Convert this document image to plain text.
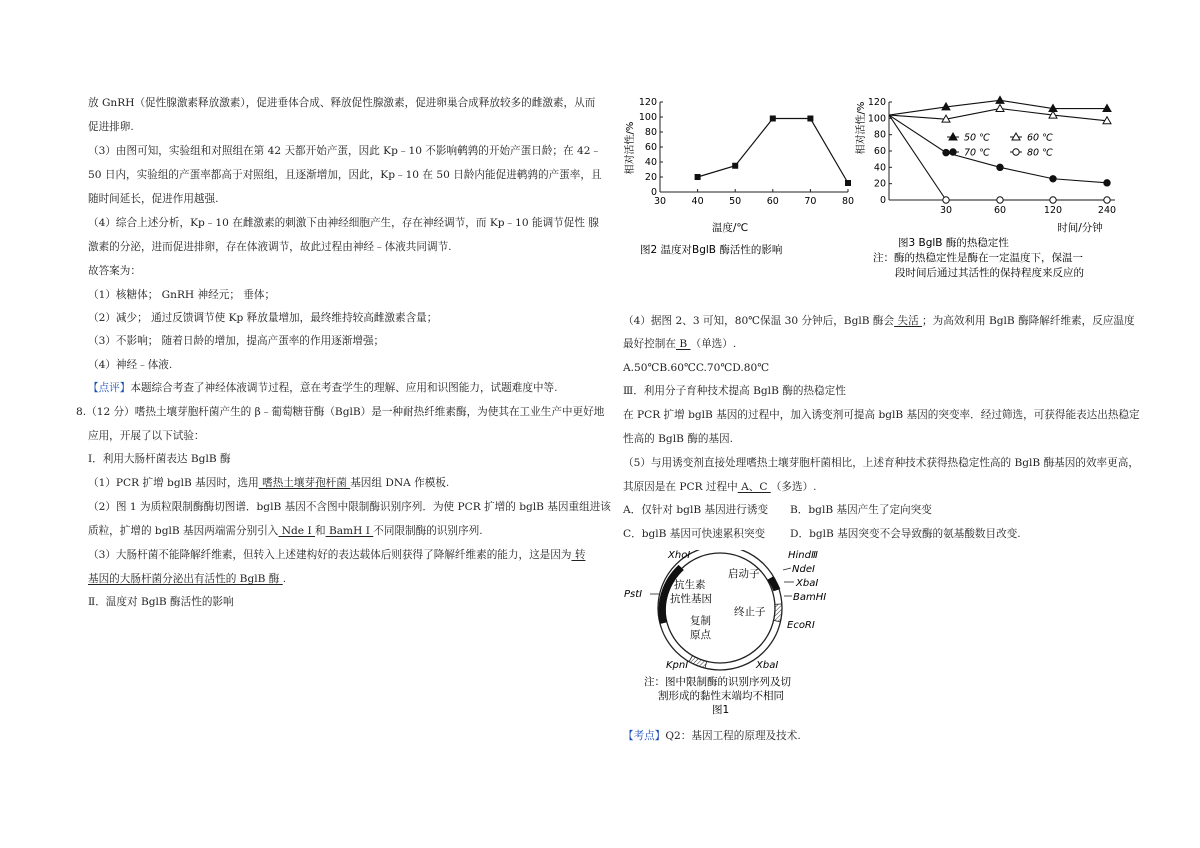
放 GnRH（促性腺激素释放激素），促进垂体合成、释放促性腺激素，促进卵巢合成释放较多的雌激素，从而
促进排卵.
（3）由图可知，实验组和对照组在第 42 天都开始产蛋，因此 Kp﹣10 不影响鹌鹑的开始产蛋日龄；在 42﹣
50 日内，实验组的产蛋率都高于对照组，且逐渐增加，因此，Kp﹣10 在 50 日龄内能促进鹌鹑的产蛋率，且
随时间延长，促进作用越强.
（4）综合上述分析，Kp﹣10 在雌激素的刺激下由神经细胞产生，存在神经调节，而 Kp﹣10 能调节促性 腺
激素的分泌，进而促进排卵，存在体液调节，故此过程由神经﹣体液共同调节.
故答案为：
（1）核糖体； GnRH 神经元； 垂体；
（2）减少； 通过反馈调节使 Kp 释放量增加，最终维持较高雌激素含量；
（3）不影响； 随着日龄的增加，提高产蛋率的作用逐渐增强；
（4）神经﹣体液.
【点评】本题综合考查了神经体液调节过程，意在考查学生的理解、应用和识图能力，试题难度中等.
8.（12 分）嗜热土壤芽胞杆菌产生的 β﹣葡萄糖苷酶（BglB）是一种耐热纤维素酶，为使其在工业生产中更好地
应用，开展了以下试验：
Ⅰ．利用大肠杆菌表达 BglB 酶
（1）PCR 扩增 bglB 基因时，选用 嗜热土壤芽孢杆菌 基因组 DNA 作模板.
（2）图 1 为质粒限制酶酶切图谱．bglB 基因不含图中限制酶识别序列．为使 PCR 扩增的 bglB 基因重组进该
质粒，扩增的 bglB 基因两端需分别引入 Nde Ⅰ 和 BamH Ⅰ 不同限制酶的识别序列.
（3）大肠杆菌不能降解纤维素，但转入上述建构好的表达载体后则获得了降解纤维素的能力，这是因为 转
基因的大肠杆菌分泌出有活性的 BglB 酶 .
Ⅱ．温度对 BglB 酶活性的影响
相对活性/%
120
100
80
60
40
20
0
30	40	50	60	70	80
温度/℃
图2 温度对BglB 酶活性的影响
相对活性/% 120
100
80
60
40
20
0
30	60	120	240
50 ℃	60 ℃
70 ℃	80 ℃
时间/分钟
图3 BglB 酶的热稳定性
注：酶的热稳定性是酶在一定温度下，保温一
段时间后通过其活性的保持程度来反应的
（4）据图 2、3 可知，80℃保温 30 分钟后，BglB 酶会 失活 ；为高效利用 BglB 酶降解纤维素，反应温度
最好控制在 B （单选）.
A.50℃B.60℃C.70℃D.80℃
Ⅲ．利用分子育种技术提高 BglB 酶的热稳定性
在 PCR 扩增 bglB 基因的过程中，加入诱变剂可提高 bglB 基因的突变率．经过筛选，可获得能表达出热稳定
性高的 BglB 酶的基因.
（5）与用诱变剂直接处理嗜热土壤芽胞杆菌相比，上述育种技术获得热稳定性高的 BglB 酶基因的效率更高，
其原因是在 PCR 过程中 A、C （多选）.
A．仅针对 bglB 基因进行诱变 B．bglB 基因产生了定向突变
C．bglB 基因可快速累积突变 D．bglB 基因突变不会导致酶的氨基酸数目改变.
【考点】Q2：基因工程的原理及技术.
XhoⅠ	HindⅢ
NdeⅠ
XbaⅠ
BamHⅠ
EcoRⅠ
PstⅠ
KpnⅠ	XbaⅠ
启动子
终止子
抗生素
抗性基因
复制
原点
注：图中限制酶的识别序列及切
割形成的黏性末端均不相同
图1
